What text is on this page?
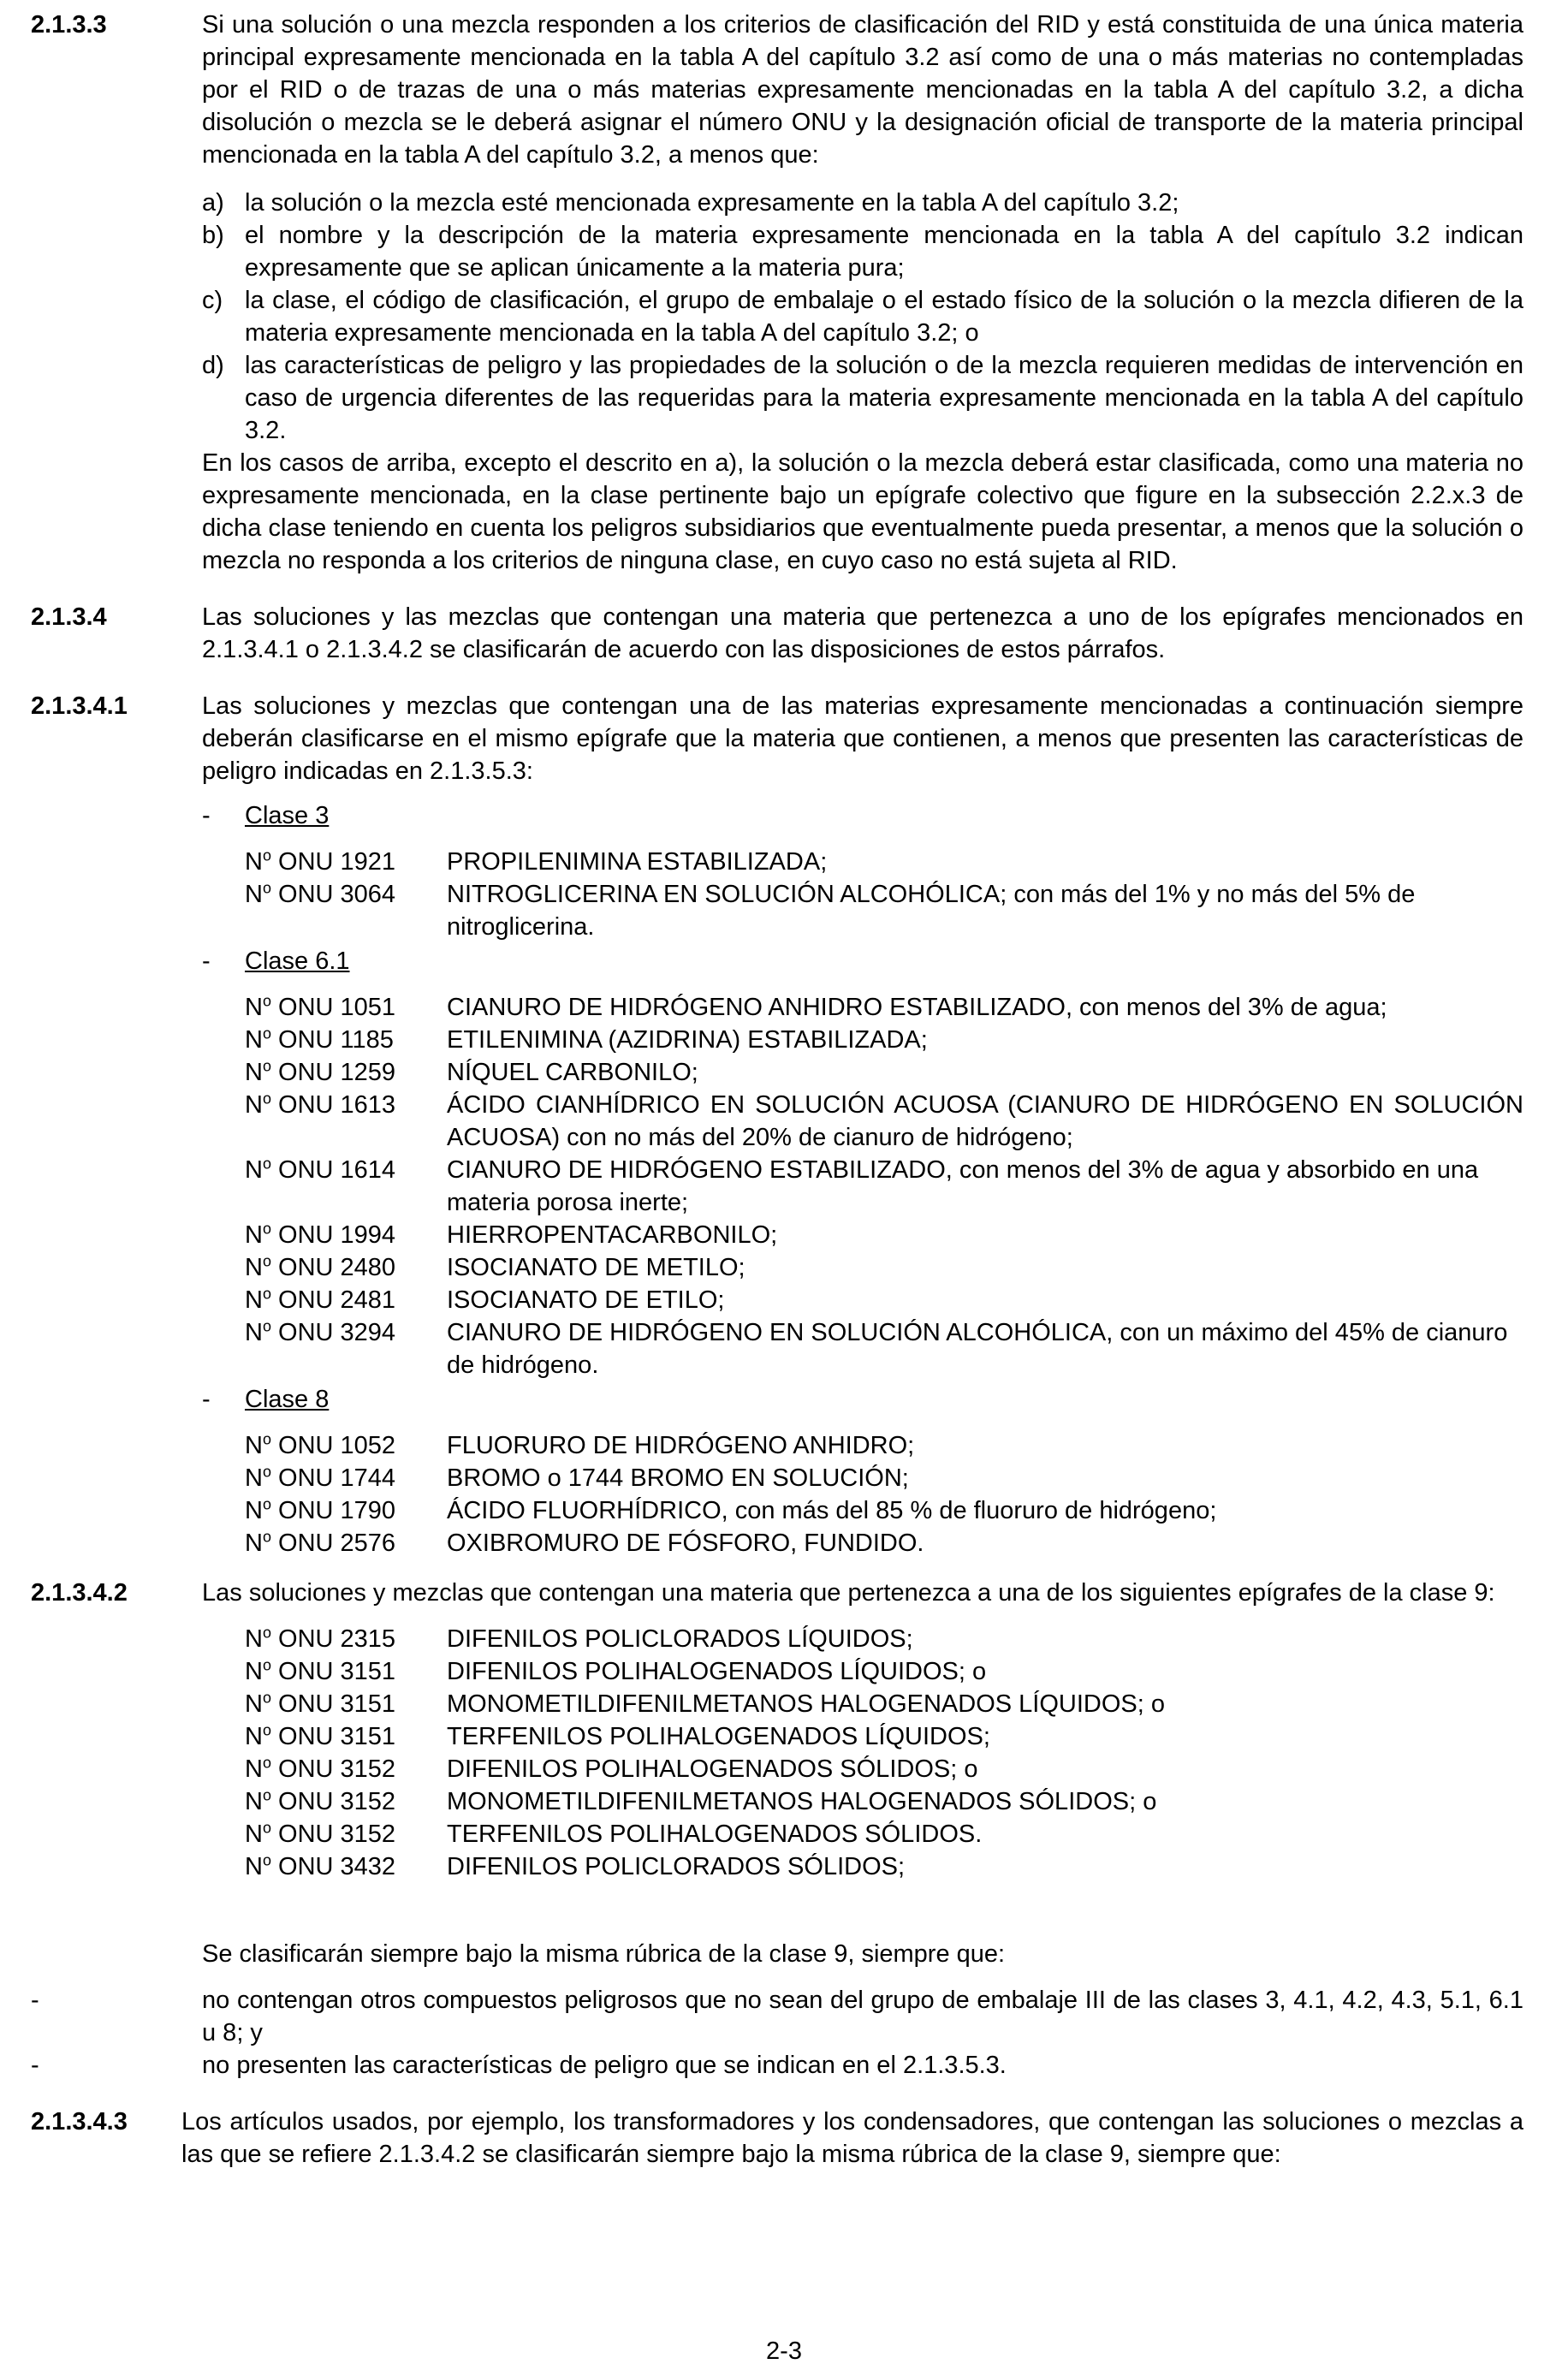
2.1.3.3	Si una solución o una mezcla responden a los criterios de clasificación del RID y está constituida de una única materia principal expresamente mencionada en la tabla A del capítulo 3.2 así como de una o más materias no contempladas por el RID o de trazas de una o más materias expresamente mencionadas en la tabla A del capítulo 3.2, a dicha disolución o mezcla se le deberá asignar el número ONU y la designación oficial de transporte de la materia principal mencionada en la tabla A del capítulo 3.2, a menos que:

a) la solución o la mezcla esté mencionada expresamente en la tabla A del capítulo 3.2;
b) el nombre y la descripción de la materia expresamente mencionada en la tabla A del capítulo 3.2 indican expresamente que se aplican únicamente a la materia pura;
c) la clase, el código de clasificación, el grupo de embalaje o el estado físico de la solución o la mezcla difieren de la materia expresamente mencionada en la tabla A del capítulo 3.2; o
d) las características de peligro y las propiedades de la solución o de la mezcla requieren medidas de intervención en caso de urgencia diferentes de las requeridas para la materia expresamente mencionada en la tabla A del capítulo 3.2.

En los casos de arriba, excepto el descrito en a), la solución o la mezcla deberá estar clasificada, como una materia no expresamente mencionada, en la clase pertinente bajo un epígrafe colectivo que figure en la subsección 2.2.x.3 de dicha clase teniendo en cuenta los peligros subsidiarios que eventualmente pueda presentar, a menos que la solución o mezcla no responda a los criterios de ninguna clase, en cuyo caso no está sujeta al RID.

2.1.3.4	Las soluciones y las mezclas que contengan una materia que pertenezca a uno de los epígrafes mencionados en 2.1.3.4.1 o 2.1.3.4.2 se clasificarán de acuerdo con las disposiciones de estos párrafos.

2.1.3.4.1	Las soluciones y mezclas que contengan una de las materias expresamente mencionadas a continuación siempre deberán clasificarse en el mismo epígrafe que la materia que contienen, a menos que presenten las características de peligro indicadas en 2.1.3.5.3:

-	Clase 3
$N^o$ ONU 1921	PROPILENIMINA ESTABILIZADA;
$N^o$ ONU 3064	NITROGLICERINA EN SOLUCIÓN ALCOHÓLICA; con más del 1% y no más del 5% de nitroglicerina.
-	Clase 6.1
$N^o$ ONU 1051	CIANURO DE HIDRÓGENO ANHIDRO ESTABILIZADO, con menos del 3% de agua;
$N^o$ ONU 1185	ETILENIMINA (AZIDRINA) ESTABILIZADA;
$N^o$ ONU 1259	NÍQUEL CARBONILO;
$N^o$ ONU 1613	ÁCIDO CIANHÍDRICO EN SOLUCIÓN ACUOSA (CIANURO DE HIDRÓGENO EN SOLUCIÓN ACUOSA) con no más del 20% de cianuro de hidrógeno;
$N^o$ ONU 1614	CIANURO DE HIDRÓGENO ESTABILIZADO, con menos del 3% de agua y absorbido en una materia porosa inerte;
$N^o$ ONU 1994	HIERROPENTACARBONILO;
$N^o$ ONU 2480	ISOCIANATO DE METILO;
$N^o$ ONU 2481	ISOCIANATO DE ETILO;
$N^o$ ONU 3294	CIANURO DE HIDRÓGENO EN SOLUCIÓN ALCOHÓLICA, con un máximo del 45% de cianuro de hidrógeno.
-	Clase 8
$N^o$ ONU 1052	FLUORURO DE HIDRÓGENO ANHIDRO;
$N^o$ ONU 1744	BROMO o 1744 BROMO EN SOLUCIÓN;
$N^o$ ONU 1790	ÁCIDO FLUORHÍDRICO, con más del 85 % de fluoruro de hidrógeno;
$N^o$ ONU 2576	OXIBROMURO DE FÓSFORO, FUNDIDO.
2.1.3.4.2	Las soluciones y mezclas que contengan una materia que pertenezca a una de los siguientes epígrafes de la clase 9:

$N^o$ ONU 2315	DIFENILOS POLICLORADOS LÍQUIDOS;
$N^o$ ONU 3151	DIFENILOS POLIHALOGENADOS LÍQUIDOS; o
$N^o$ ONU 3151	MONOMETILDIFENILMETANOS HALOGENADOS LÍQUIDOS; o
$N^o$ ONU 3151	TERFENILOS POLIHALOGENADOS LÍQUIDOS;
$N^o$ ONU 3152	DIFENILOS POLIHALOGENADOS SÓLIDOS; o
$N^o$ ONU 3152	MONOMETILDIFENILMETANOS HALOGENADOS SÓLIDOS; o
$N^o$ ONU 3152	TERFENILOS POLIHALOGENADOS SÓLIDOS.
$N^o$ ONU 3432	DIFENILOS POLICLORADOS SÓLIDOS;

Se clasificarán siempre bajo la misma rúbrica de la clase 9, siempre que:

-	no contengan otros compuestos peligrosos que no sean del grupo de embalaje III de las clases 3, 4.1, 4.2, 4.3, 5.1, 6.1 u 8; y
-	no presenten las características de peligro que se indican en el 2.1.3.5.3.
2.1.3.4.3	Los artículos usados, por ejemplo, los transformadores y los condensadores, que contengan las soluciones o mezclas a las que se refiere 2.1.3.4.2 se clasificarán siempre bajo la misma rúbrica de la clase 9, siempre que:

2-3
